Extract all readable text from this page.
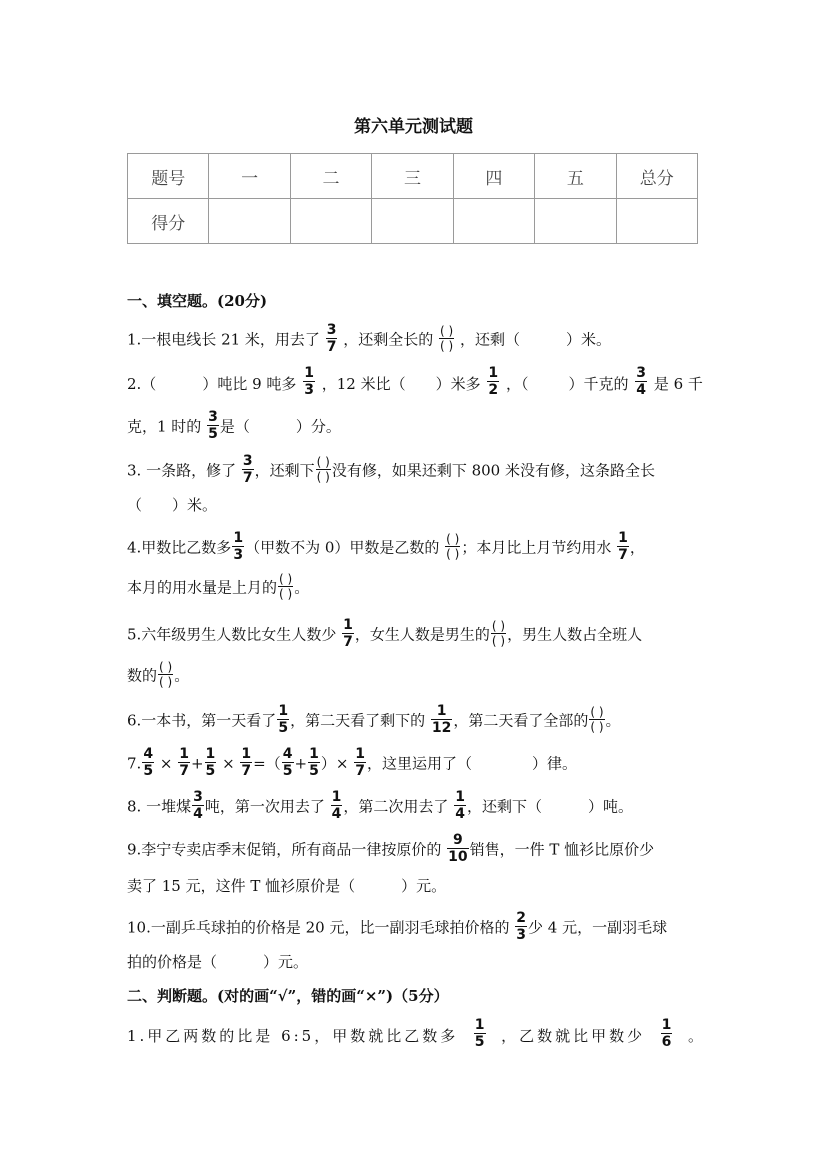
第六单元测试题
题号	一	二	三	四	五	总分
得分						
一、填空题。(20分)
1.一根电线长 21 米，用去了 $\frac{3}{7}$ ，还剩全长的 $\frac{( )}{( )}$ ，还剩（	）米。
2.（	）吨比 9 吨多 $\frac{1}{3}$ ，12 米比（ ）米多 $\frac{1}{2}$ ，（	）千克的 $\frac{3}{4}$ 是 6 千
克，1 时的 $\frac{3}{5}$ 是（	）分。
3. 一条路，修了 $\frac{3}{7}$ ，还剩下 $\frac{( )}{( )}$ 没有修，如果还剩下 800 米没有修，这条路全长
（ ）米。
4.甲数比乙数多 $\frac{1}{3}$ （甲数不为 0）甲数是乙数的 $\frac{( )}{( )}$ ；本月比上月节约用水 $\frac{1}{7}$ ，
本月的用水量是上月的 $\frac{( )}{( )}$ 。
5.六年级男生人数比女生人数少 $\frac{1}{7}$ ，女生人数是男生的 $\frac{( )}{( )}$ ，男生人数占全班人
数的 $\frac{( )}{( )}$ 。
6.一本书，第一天看了 $\frac{1}{5}$ ，第二天看了剩下的 $\frac{1}{12}$ ，第二天看了全部的 $\frac{( )}{( )}$ 。
7. $\frac{4}{5} \times \frac{1}{7} + \frac{1}{5} \times \frac{1}{7}$ =（ $\frac{4}{5} + \frac{1}{5}$ ）× $\frac{1}{7}$ ，这里运用了（	）律。
8. 一堆煤 $\frac{3}{4}$ 吨，第一次用去了 $\frac{1}{4}$ ，第二次用去了 $\frac{1}{4}$ ，还剩下（	）吨。
9.李宁专卖店季末促销，所有商品一律按原价的 $\frac{9}{10}$ 销售，一件 T 恤衫比原价少
卖了 15 元，这件 T 恤衫原价是（	）元。
10.一副乒乓球拍的价格是 20 元，比一副羽毛球拍价格的 $\frac{2}{3}$ 少 4 元，一副羽毛球
拍的价格是（	）元。
二、判断题。(对的画“√”，错的画“×”)（5分）
1.甲乙两数的比是 6:5，甲数就比乙数多 $\frac{1}{5}$ ，乙数就比甲数少 $\frac{1}{6}$ 。
